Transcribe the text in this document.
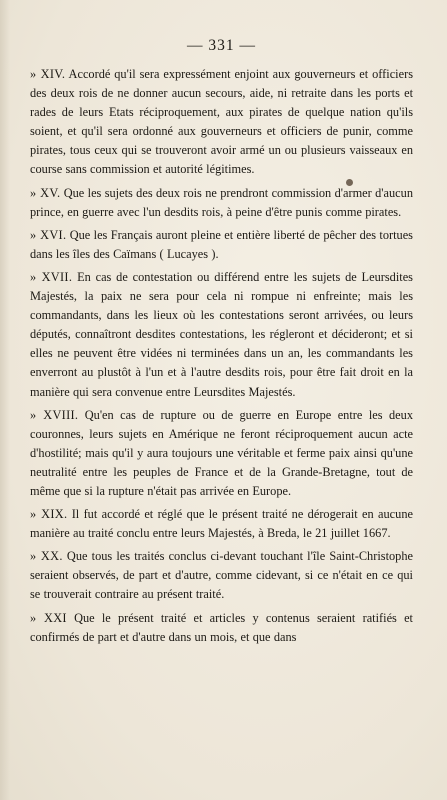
— 331 —

» XIV. Accordé qu'il sera expressément enjoint aux gouverneurs et officiers des deux rois de ne donner aucun secours, aide, ni retraite dans les ports et rades de leurs Etats réciproquement, aux pirates de quelque nation qu'ils soient, et qu'il sera ordonné aux gouverneurs et officiers de punir, comme pirates, tous ceux qui se trouveront avoir armé un ou plusieurs vaisseaux en course sans commission et autorité légitimes.

» XV. Que les sujets des deux rois ne prendront commission d'armer d'aucun prince, en guerre avec l'un desdits rois, à peine d'être punis comme pirates.

» XVI. Que les Français auront pleine et entière liberté de pêcher des tortues dans les îles des Caïmans ( Lucayes ).

» XVII. En cas de contestation ou différend entre les sujets de Leursdites Majestés, la paix ne sera pour cela ni rompue ni enfreinte; mais les commandants, dans les lieux où les contestations seront arrivées, ou leurs députés, connaîtront desdites contestations, les régleront et décideront; et si elles ne peuvent être vidées ni terminées dans un an, les commandants les enverront au plustôt à l'un et à l'autre desdits rois, pour être fait droit en la manière qui sera convenue entre Leursdites Majestés.

» XVIII. Qu'en cas de rupture ou de guerre en Europe entre les deux couronnes, leurs sujets en Amérique ne feront réciproquement aucun acte d'hostilité; mais qu'il y aura toujours une véritable et ferme paix ainsi qu'une neutralité entre les peuples de France et de la Grande-Bretagne, tout de même que si la rupture n'était pas arrivée en Europe.

» XIX. Il fut accordé et réglé que le présent traité ne dérogerait en aucune manière au traité conclu entre leurs Majestés, à Breda, le 21 juillet 1667.

» XX. Que tous les traités conclus ci-devant touchant l'île Saint-Christophe seraient observés, de part et d'autre, comme cidevant, si ce n'était en ce qui se trouverait contraire au présent traité.

» XXI Que le présent traité et articles y contenus seraient ratifiés et confirmés de part et d'autre dans un mois, et que dans
